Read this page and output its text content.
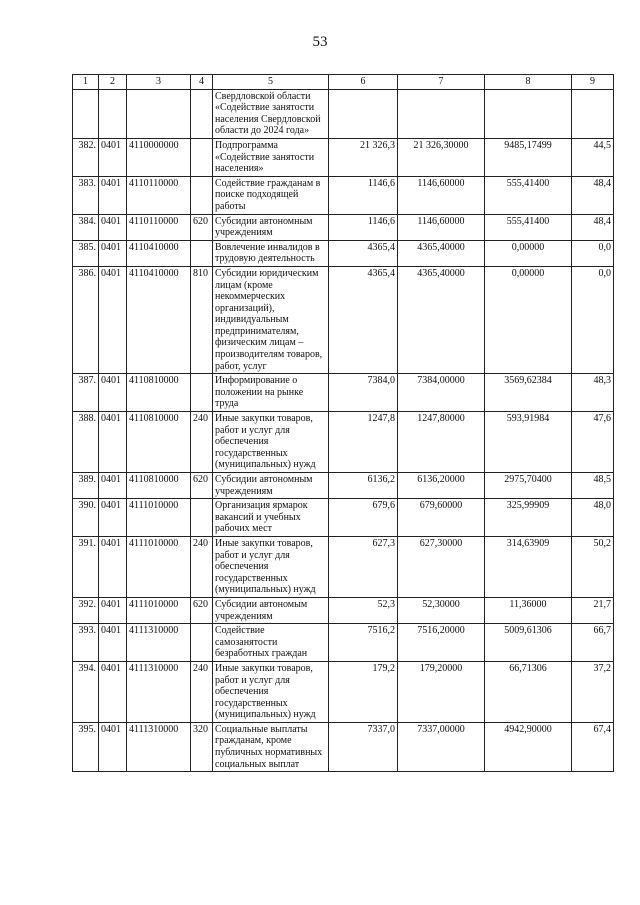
53
1	2	3	4	5	6	7	8	9
				Свердловской области «Содействие занятости населения Свердловской области до 2024 года»				
382.	0401	4110000000		Подпрограмма «Содействие занятости населения»	21 326,3	21 326,30000	9485,17499	44,5
383.	0401	4110110000		Содействие гражданам в поиске подходящей работы	1146,6	1146,60000	555,41400	48,4
384.	0401	4110110000	620	Субсидии автономным учреждениям	1146,6	1146,60000	555,41400	48,4
385.	0401	4110410000		Вовлечение инвалидов в трудовую деятельность	4365,4	4365,40000	0,00000	0,0
386.	0401	4110410000	810	Субсидии юридическим лицам (кроме некоммерческих организаций), индивидуальным предпринимателям, физическим лицам – производителям товаров, работ, услуг	4365,4	4365,40000	0,00000	0,0
387.	0401	4110810000		Информирование о положении на рынке труда	7384,0	7384,00000	3569,62384	48,3
388.	0401	4110810000	240	Иные закупки товаров, работ и услуг для обеспечения государственных (муниципальных) нужд	1247,8	1247,80000	593,91984	47,6
389.	0401	4110810000	620	Субсидии автономным учреждениям	6136,2	6136,20000	2975,70400	48,5
390.	0401	4111010000		Организация ярмарок вакансий и учебных рабочих мест	679,6	679,60000	325,99909	48,0
391.	0401	4111010000	240	Иные закупки товаров, работ и услуг для обеспечения государственных (муниципальных) нужд	627,3	627,30000	314,63909	50,2
392.	0401	4111010000	620	Субсидии автономым учреждениям	52,3	52,30000	11,36000	21,7
393.	0401	4111310000		Содействие самозанятости безработных граждан	7516,2	7516,20000	5009,61306	66,7
394.	0401	4111310000	240	Иные закупки товаров, работ и услуг для обеспечения государственных (муниципальных) нужд	179,2	179,20000	66,71306	37,2
395.	0401	4111310000	320	Социальные выплаты гражданам, кроме публичных нормативных социальных выплат	7337,0	7337,00000	4942,90000	67,4
